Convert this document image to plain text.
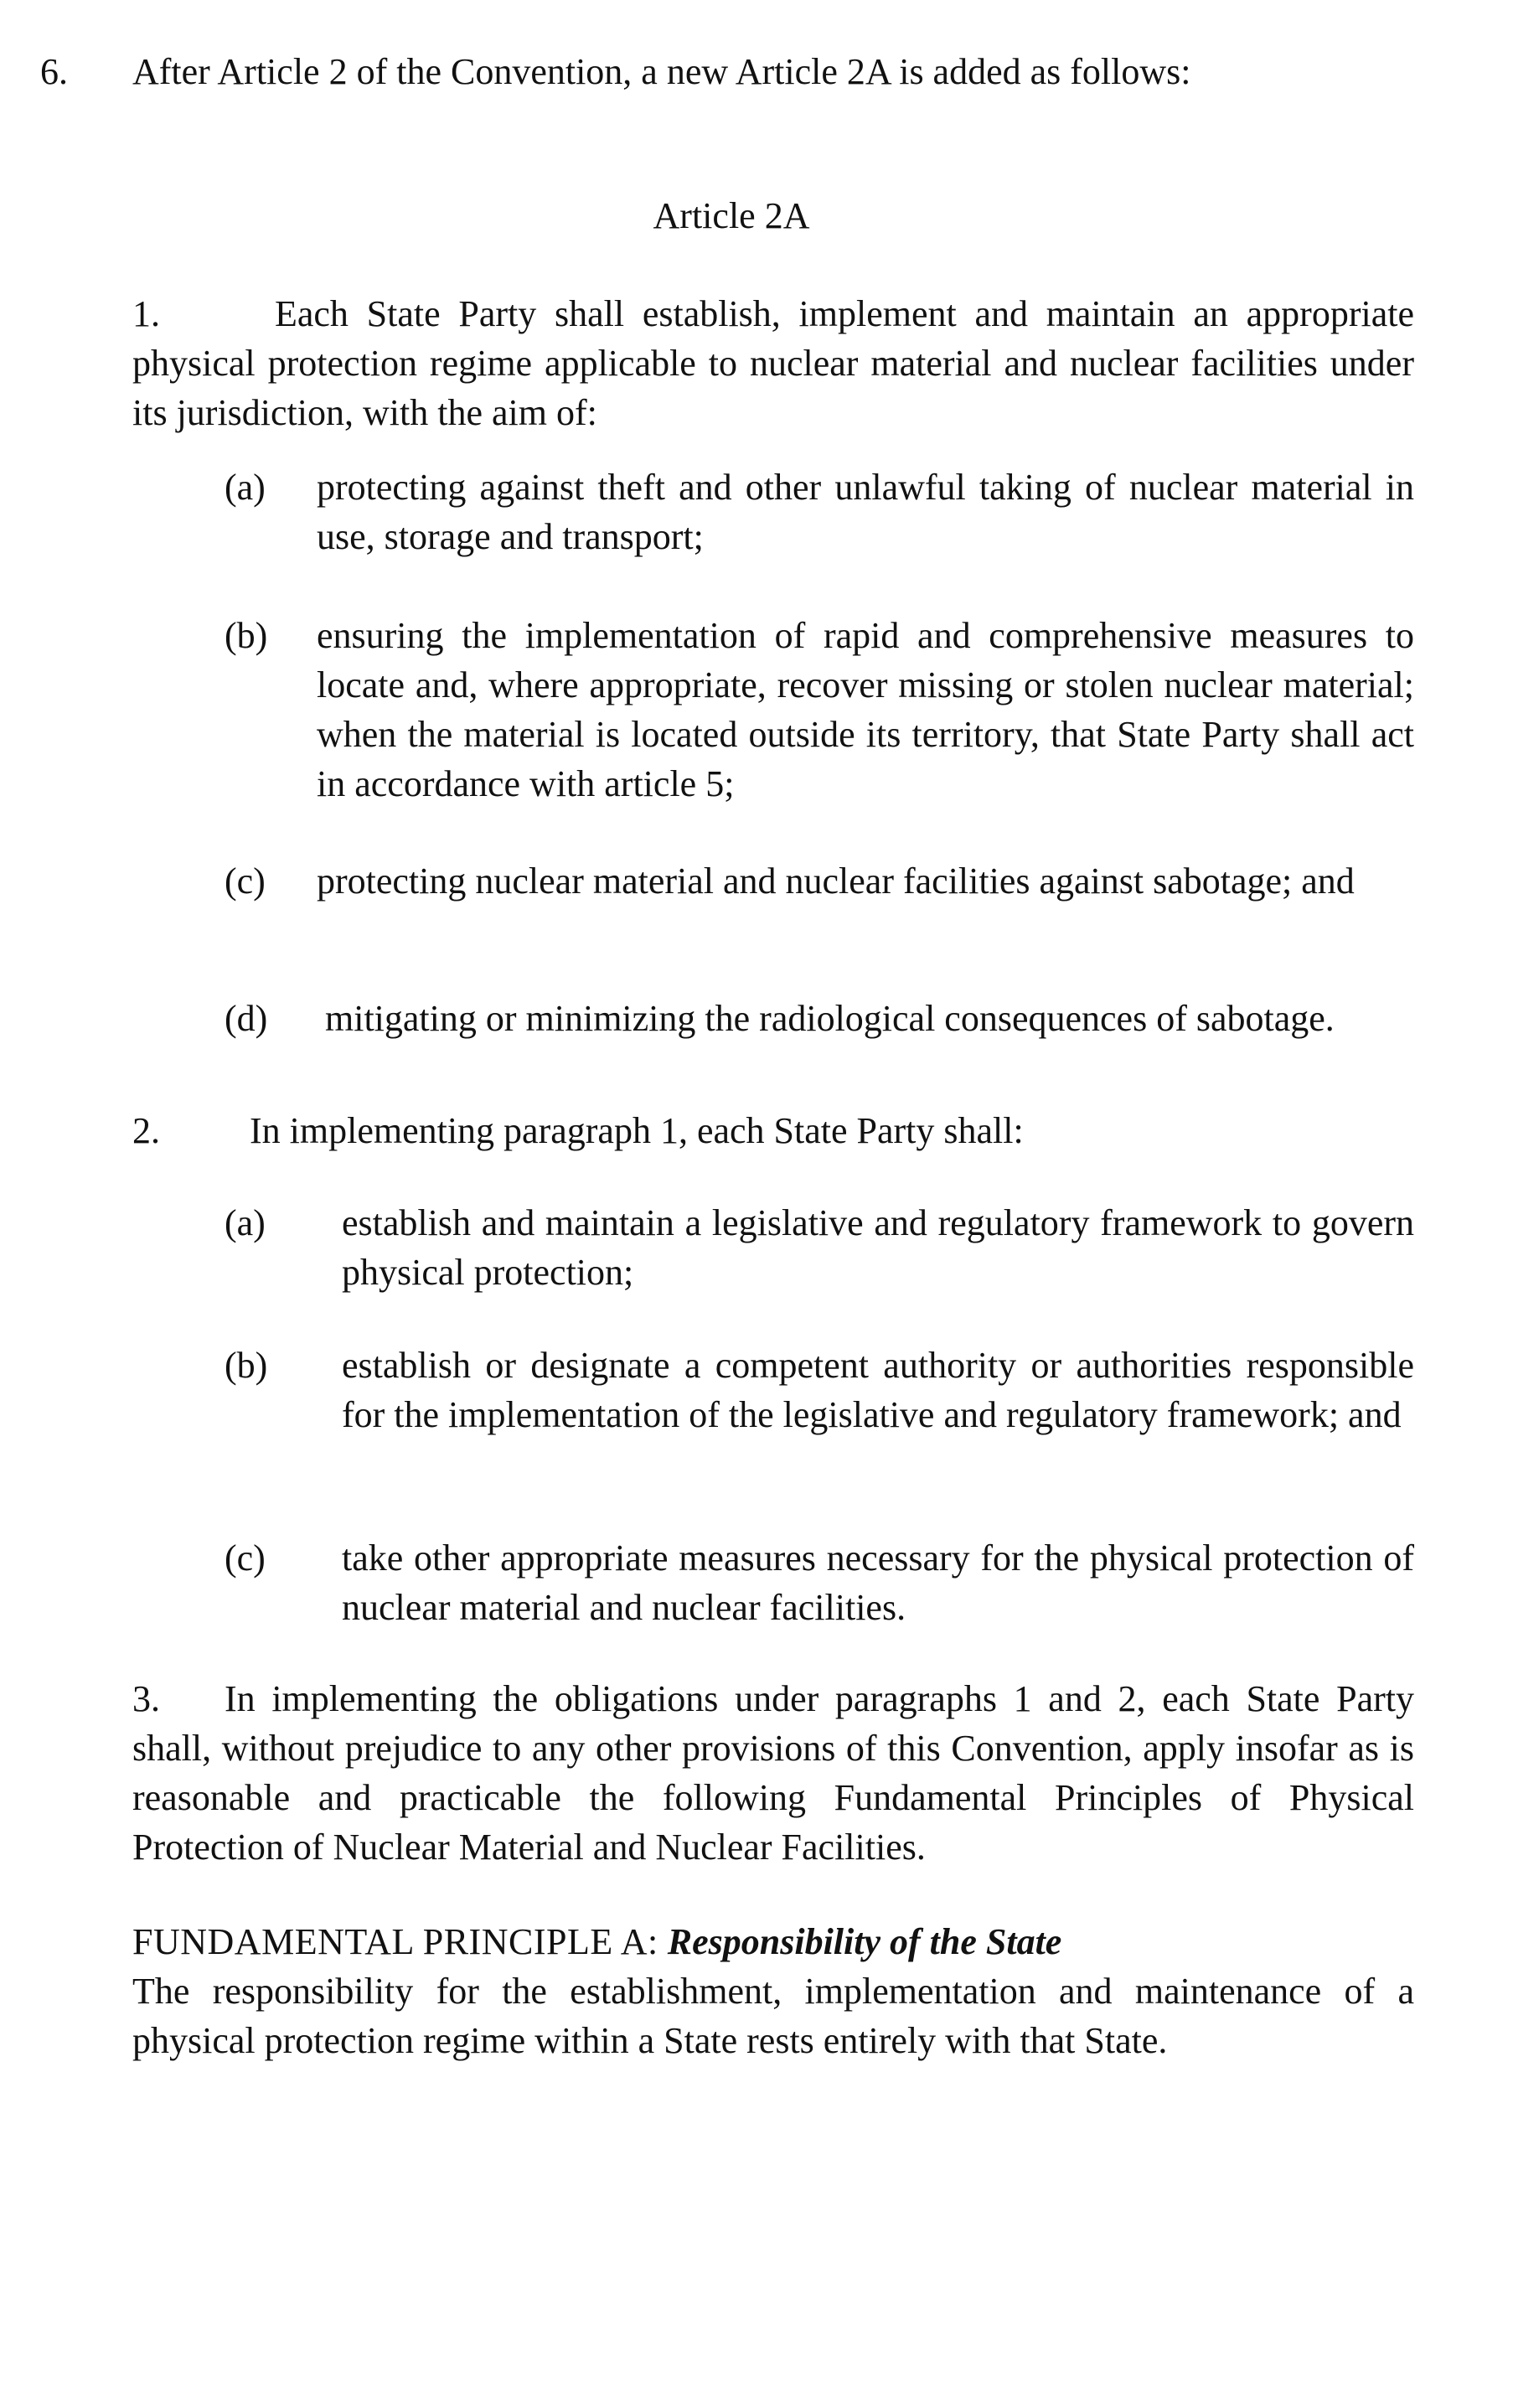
6. After Article 2 of the Convention, a new Article 2A is added as follows:
Article 2A
1.	Each State Party shall establish, implement and maintain an appropriate physical protection regime applicable to nuclear material and nuclear facilities under its jurisdiction, with the aim of:
(a) protecting against theft and other unlawful taking of nuclear material in use, storage and transport;
(b) ensuring the implementation of rapid and comprehensive measures to locate and, where appropriate, recover missing or stolen nuclear material; when the material is located outside its territory, that State Party shall act in accordance with article 5;
(c) protecting nuclear material and nuclear facilities against sabotage; and
(d) mitigating or minimizing the radiological consequences of sabotage.
2. In implementing paragraph 1, each State Party shall:
(a) establish and maintain a legislative and regulatory framework to govern physical protection;
(b) establish or designate a competent authority or authorities responsible for the implementation of the legislative and regulatory framework; and
(c) take other appropriate measures necessary for the physical protection of nuclear material and nuclear facilities.
3. In implementing the obligations under paragraphs 1 and 2, each State Party shall, without prejudice to any other provisions of this Convention, apply insofar as is reasonable and practicable the following Fundamental Principles of Physical Protection of Nuclear Material and Nuclear Facilities.
FUNDAMENTAL PRINCIPLE A: Responsibility of the State
The responsibility for the establishment, implementation and maintenance of a physical protection regime within a State rests entirely with that State.
